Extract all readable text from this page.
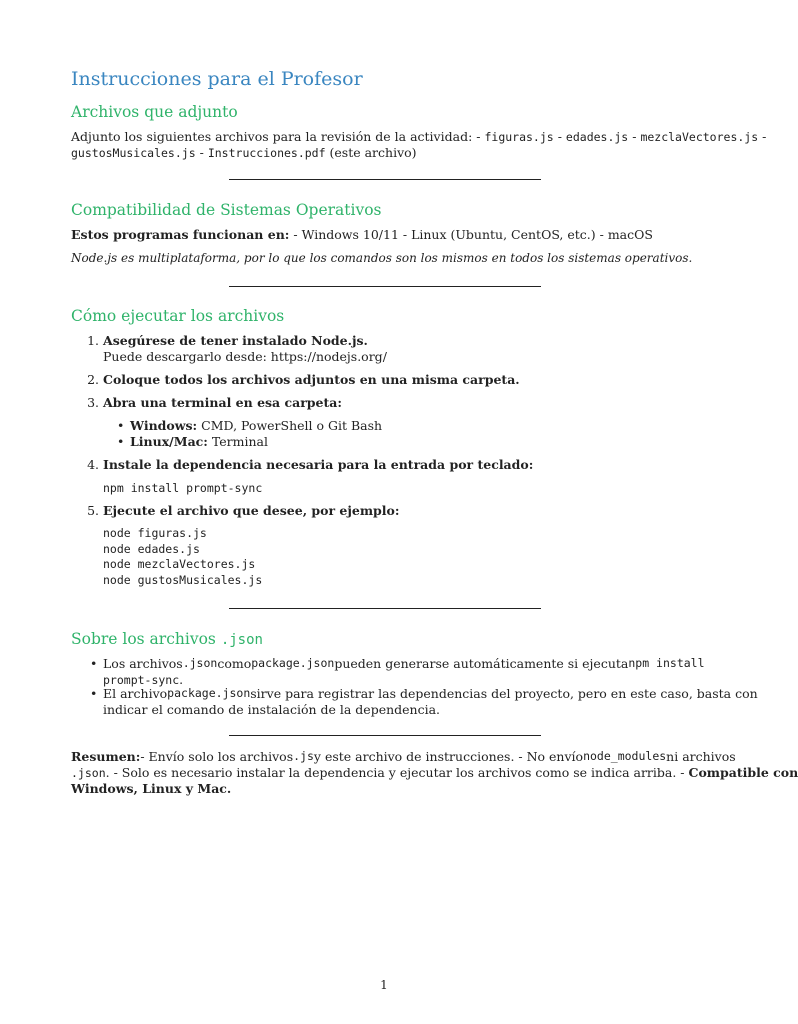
Instrucciones para el Profesor
Archivos que adjunto
Adjunto los siguientes archivos para la revisión de la actividad: - figuras.js - edades.js - mezclaVectores.js -
gustosMusicales.js - Instrucciones.pdf (este archivo)
Compatibilidad de Sistemas Operativos
Estos programas funcionan en: - Windows 10/11 - Linux (Ubuntu, CentOS, etc.) - macOS
Node.js es multiplataforma, por lo que los comandos son los mismos en todos los sistemas operativos.
Cómo ejecutar los archivos
1. Asegúrese de tener instalado Node.js.
Puede descargarlo desde: https://nodejs.org/
2. Coloque todos los archivos adjuntos en una misma carpeta.
3. Abra una terminal en esa carpeta:
• Windows: CMD, PowerShell o Git Bash
• Linux/Mac: Terminal
4. Instale la dependencia necesaria para la entrada por teclado:
npm install prompt-sync
5. Ejecute el archivo que desee, por ejemplo:
node figuras.js
node edades.js
node mezclaVectores.js
node gustosMusicales.js
Sobre los archivos .json
• Los archivos .json como package.json pueden generarse automáticamente si ejecuta npm install
prompt-sync.
• El archivo package.json sirve para registrar las dependencias del proyecto, pero en este caso, basta con
indicar el comando de instalación de la dependencia.
Resumen: - Envío solo los archivos .js y este archivo de instrucciones. - No envío node_modules ni archivos
.json. - Solo es necesario instalar la dependencia y ejecutar los archivos como se indica arriba. - Compatible con
Windows, Linux y Mac.
1
